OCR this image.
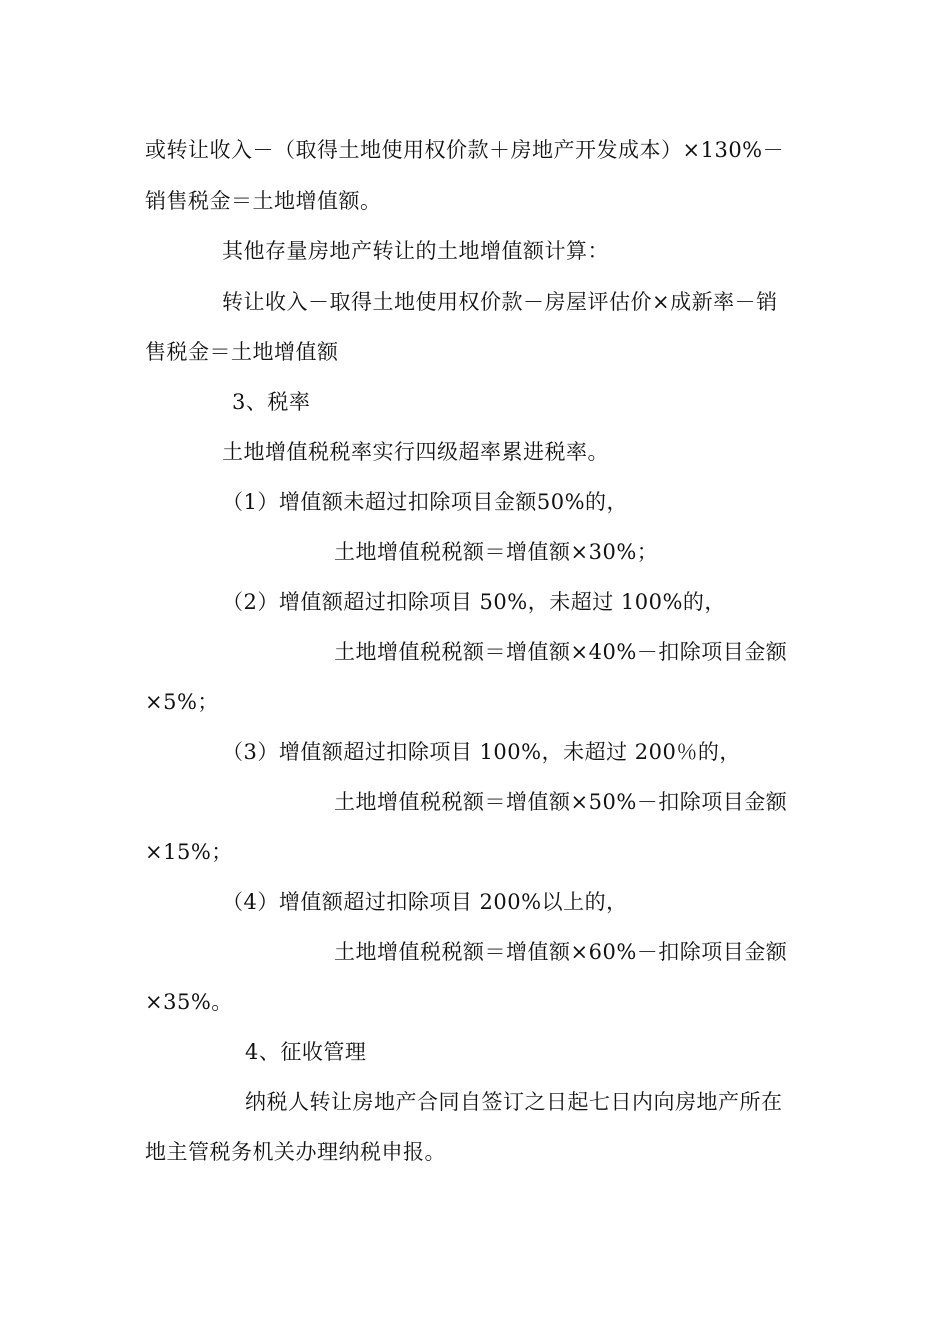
或转让收入－（取得土地使用权价款＋房地产开发成本）×130%－
销售税金＝土地增值额。
其他存量房地产转让的土地增值额计算：
转让收入－取得土地使用权价款－房屋评估价×成新率－销
售税金＝土地增值额
3、税率
土地增值税税率实行四级超率累进税率。
（1）增值额未超过扣除项目金额50%的，
土地增值税税额＝增值额×30%；
（2）增值额超过扣除项目 50%，未超过 100%的，
土地增值税税额＝增值额×40%－扣除项目金额
×5%；
（3）增值额超过扣除项目 100%，未超过 200％的，
土地增值税税额＝增值额×50%－扣除项目金额
×15%；
（4）增值额超过扣除项目 200%以上的，
土地增值税税额＝增值额×60%－扣除项目金额
×35%。
4、征收管理
纳税人转让房地产合同自签订之日起七日内向房地产所在
地主管税务机关办理纳税申报。
